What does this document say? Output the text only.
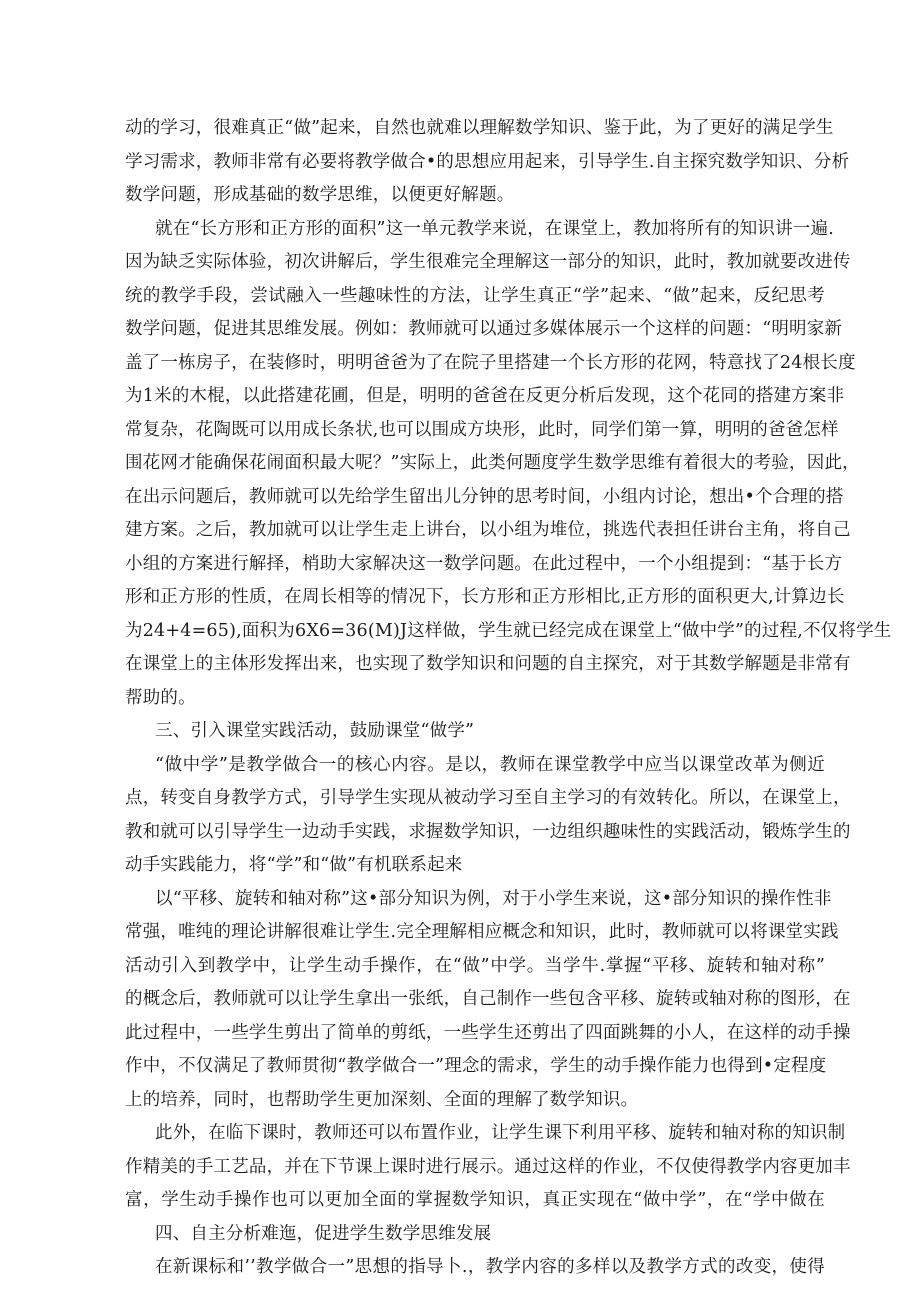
动的学习，很难真正“做”起来，自然也就难以理解数学知识、鉴于此，为了更好的满足学生

学习需求，教师非常有必要将教学做合•的思想应用起来，引导学生.自主探究数学知识、分析

数学问题，形成基础的数学思维，以便更好解题。

就在“长方形和正方形的面积”这一单元教学来说，在课堂上，教加将所有的知识讲一遍.

因为缺乏实际体验，初次讲解后，学生很难完全理解这一部分的知识，此时，教加就要改进传

统的教学手段，尝试融入一些趣味性的方法，让学生真正“学”起来、“做”起来，反纪思考

数学问题，促进其思维发展。例如：教师就可以通过多媒体展示一个这样的问题：“明明家新

盖了一栋房子，在装修时，明明爸爸为了在院子里搭建一个长方形的花网，特意找了24根长度

为1米的木棍，以此搭建花圃，但是，明明的爸爸在反更分析后发现，这个花同的搭建方案非

常复杂，花陶既可以用成长条状,也可以围成方块形，此时，同学们第一算，明明的爸爸怎样

围花网才能确保花闹面积最大呢？”实际上，此类何题度学生数学思维有着很大的考验，因此，

在出示问题后，教师就可以先给学生留出儿分钟的思考时间，小组内讨论，想出•个合理的搭

建方案。之后，教加就可以让学生走上讲台，以小组为堆位，挑选代表担任讲台主角，将自己

小组的方案进行解择，梢助大家解决这一数学问题。在此过程中，一个小组提到：“基于长方

形和正方形的性质，在周长相等的情况下，长方形和正方形相比,正方形的面积更大,计算边长

为24+4=65),面积为6X6=36(M)J这样做，学生就已经完成在课堂上“做中学”的过程,不仅将学生

在课堂上的主体形发挥出来，也实现了数学知识和问题的自主探究，对于其数学解题是非常有

帮助的。

三、引入课堂实践活动，鼓励课堂“做学”

“做中学”是教学做合一的核心内容。是以，教师在课堂教学中应当以课堂改革为侧近

点，转变自身教学方式，引导学生实现从被动学习至自主学习的有效转化。所以，在课堂上，

教和就可以引导学生一边动手实践，求握数学知识，一边组织趣味性的实践活动，锻炼学生的

动手实践能力，将“学”和“做”有机联系起来

以“平移、旋转和轴对称”这•部分知识为例，对于小学生来说，这•部分知识的操作性非

常强，唯纯的理论讲解很难让学生.完全理解相应概念和知识，此时，教师就可以将课堂实践

活动引入到教学中，让学生动手操作，在“做”中学。当学牛.掌握“平移、旋转和轴对称”

的概念后，教师就可以让学生拿出一张纸，自己制作一些包含平移、旋转或轴对称的图形，在

此过程中，一些学生剪出了简单的剪纸，一些学生还剪出了四面跳舞的小人，在这样的动手操

作中，不仅满足了教师贯彻“教学做合一”理念的需求，学生的动手操作能力也得到•定程度

上的培养，同时，也帮助学生更加深刻、全面的理解了数学知识。

此外，在临下课时，教师还可以布置作业，让学生课下利用平移、旋转和轴对称的知识制

作精美的手工艺品，并在下节课上课时进行展示。通过这样的作业，不仅使得教学内容更加丰

富，学生动手操作也可以更加全面的掌握数学知识，真正实现在“做中学”，在“学中做在

四、自主分析难迤，促进学生数学思维发展

在新课标和’’教学做合一”思想的指导卜.，教学内容的多样以及教学方式的改变，使得
